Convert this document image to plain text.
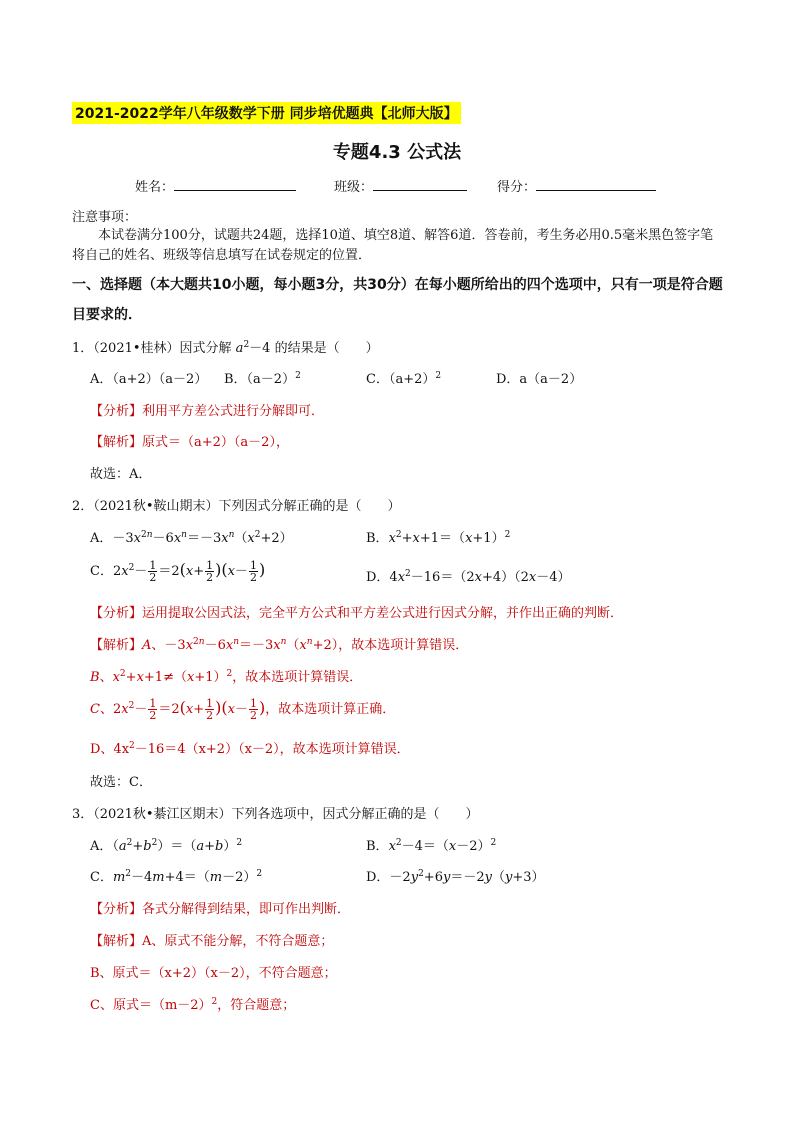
2021-2022学年八年级数学下册 同步培优题典【北师大版】
专题4.3 公式法
姓名：	班级：	得分：
注意事项：
本试卷满分100分，试题共24题，选择10道、填空8道、解答6道．答卷前，考生务必用0.5毫米黑色签字笔将自己的姓名、班级等信息填写在试卷规定的位置．
一、选择题（本大题共10小题，每小题3分，共30分）在每小题所给出的四个选项中，只有一项是符合题目要求的．
1．（2021•桂林）因式分解 $a^2-4$ 的结果是（　　）
A．（a+2）（a－2） B．$(a-2)^2$	C．$(a+2)^2$	D．a（a－2）
【分析】利用平方差公式进行分解即可．
【解析】原式＝（a+2）（a－2），
故选：A．
2．（2021秋•鞍山期末）下列因式分解正确的是（　　）
A．$-3x^{2n}-6x^n=-3x^n(x^2+2)$	B．$x^2+x+1=(x+1)^2$
C．$2x^2- \frac{1}{2} =2(x+ \frac{1}{2} )(x- \frac{1}{2}$ )	D．$4x^2-16=(2x+4)(2x-4)$
【分析】运用提取公因式法，完全平方公式和平方差公式进行因式分解，并作出正确的判断．
【解析】A、$-3x^{2n}-6x^n=-3x^n(x^n+2)$，故本选项计算错误．
B、$x^2+x+1\ne(x+1)^2$，故本选项计算错误．
C、$2x^2- \frac{1}{2} =2(x+ \frac{1}{2} )(x- \frac{1}{2}$ )，故本选项计算正确．
D、$4x^2-16=4(x+2)(x-2)$，故本选项计算错误．
故选：C．
3．（2021秋•綦江区期末）下列各选项中，因式分解正确的是（　　）
A．$(a^2+b^2)=(a+b)^2$	B．$x^2-4=(x-2)^2$
C．$m^2-4m+4=(m-2)^2$	D．$-2y^2+6y=-2y(y+3)$
【分析】各式分解得到结果，即可作出判断．
【解析】A、原式不能分解，不符合题意；
B、原式＝（x+2）（x－2），不符合题意；
C、原式$=(m-2)^2$，符合题意；
